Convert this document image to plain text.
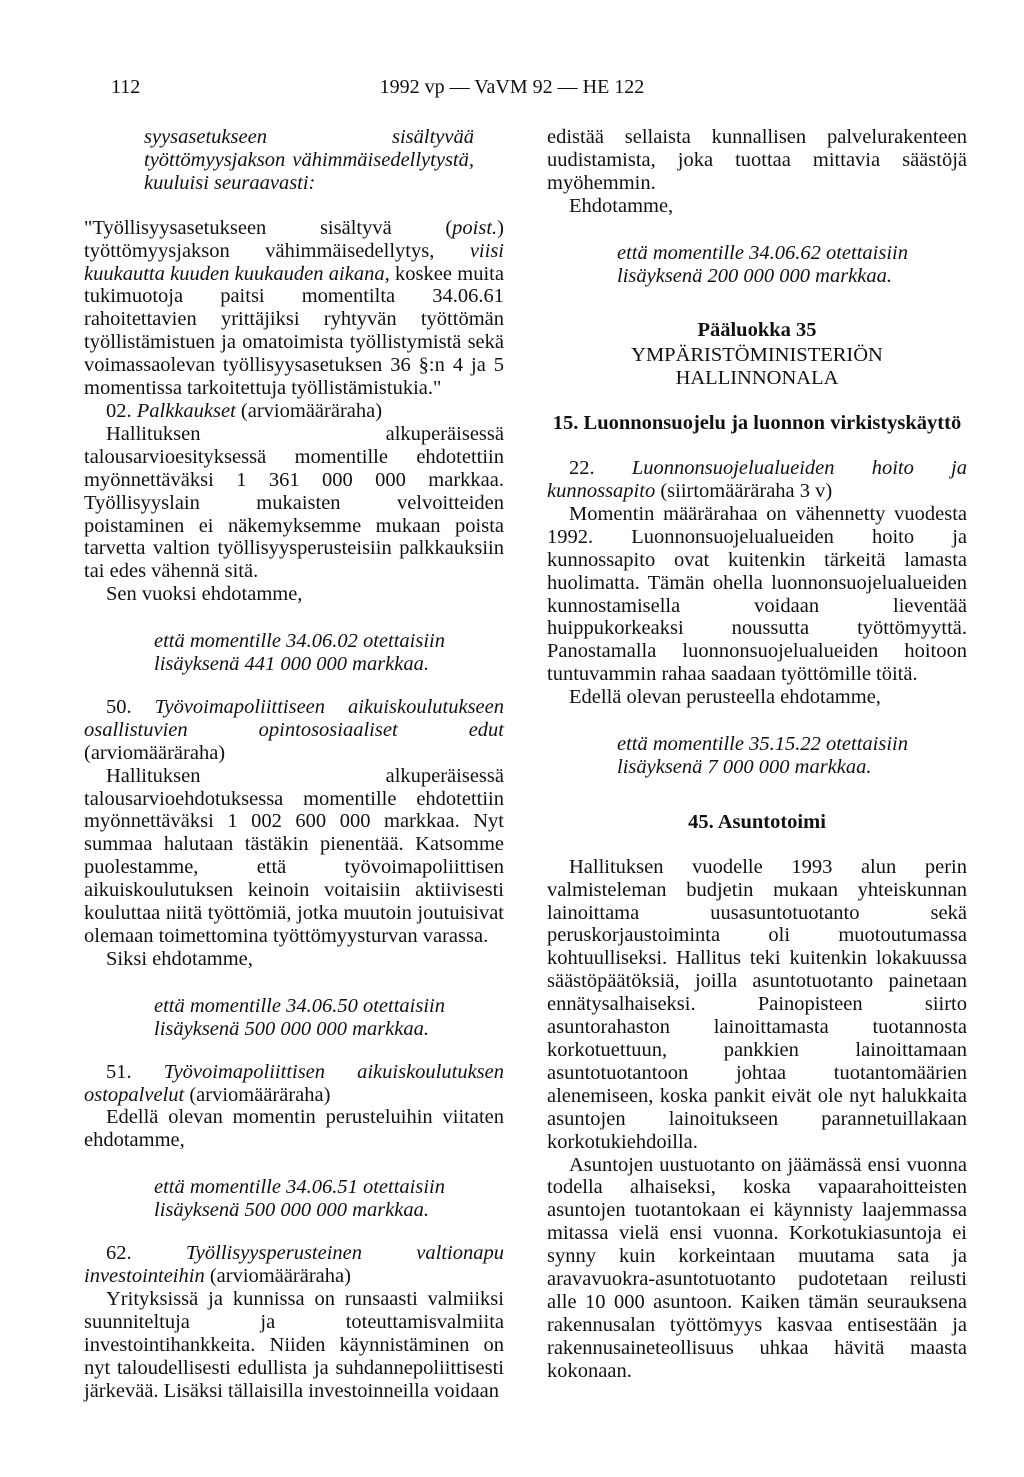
112	1992 vp — VaVM 92 — HE 122

syysasetukseen sisältyvää työttömyysjakson vähimmäisedellytystä, kuuluisi seuraavasti:

"Työllisyysasetukseen sisältyvä (poist.) työttömyysjakson vähimmäisedellytys, viisi kuukautta kuuden kuukauden aikana, koskee muita tukimuotoja paitsi momentilta 34.06.61 rahoitettavien yrittäjiksi ryhtyvän työttömän työllistämistuen ja omatoimista työllistymistä sekä voimassaolevan työllisyysasetuksen 36 §:n 4 ja 5 momentissa tarkoitettuja työllistämistukia."

02. Palkkaukset (arviomääräraha)

Hallituksen alkuperäisessä talousarvioesityksessä momentille ehdotettiin myönnettäväksi 1 361 000 000 markkaa. Työllisyyslain mukaisten velvoitteiden poistaminen ei näkemyksemme mukaan poista tarvetta valtion työllisyysperusteisiin palkkauksiin tai edes vähennä sitä.

Sen vuoksi ehdotamme,

että momentille 34.06.02 otettaisiin lisäyksenä 441 000 000 markkaa.

50. Työvoimapoliittiseen aikuiskoulutukseen osallistuvien opintososiaaliset edut (arviomääräraha)

Hallituksen alkuperäisessä talousarvioehdotuksessa momentille ehdotettiin myönnettäväksi 1 002 600 000 markkaa. Nyt summaa halutaan tästäkin pienentää. Katsomme puolestamme, että työvoimapoliittisen aikuiskoulutuksen keinoin voitaisiin aktiivisesti kouluttaa niitä työttömiä, jotka muutoin joutuisivat olemaan toimettomina työttömyysturvan varassa.

Siksi ehdotamme,

että momentille 34.06.50 otettaisiin lisäyksenä 500 000 000 markkaa.

51. Työvoimapoliittisen aikuiskoulutuksen ostopalvelut (arviomääräraha)

Edellä olevan momentin perusteluihin viitaten ehdotamme,

että momentille 34.06.51 otettaisiin lisäyksenä 500 000 000 markkaa.

62. Työllisyysperusteinen valtionapu investointeihin (arviomääräraha)

Yrityksissä ja kunnissa on runsaasti valmiiksi suunniteltuja ja toteuttamisvalmiita investointihankkeita. Niiden käynnistäminen on nyt taloudellisesti edullista ja suhdannepoliittisesti järkevää. Lisäksi tällaisilla investoinneilla voidaan

edistää sellaista kunnallisen palvelurakenteen uudistamista, joka tuottaa mittavia säästöjä myöhemmin.

Ehdotamme,

että momentille 34.06.62 otettaisiin lisäyksenä 200 000 000 markkaa.

Pääluokka 35

YMPÄRISTÖMINISTERIÖN HALLINNONALA

15. Luonnonsuojelu ja luonnon virkistyskäyttö

22. Luonnonsuojelualueiden hoito ja kunnossapito (siirtomääräraha 3 v)

Momentin määrärahaa on vähennetty vuodesta 1992. Luonnonsuojelualueiden hoito ja kunnossapito ovat kuitenkin tärkeitä lamasta huolimatta. Tämän ohella luonnonsuojelualueiden kunnostamisella voidaan lieventää huippukorkeaksi noussutta työttömyyttä. Panostamalla luonnonsuojelualueiden hoitoon tuntuvammin rahaa saadaan työttömille töitä.

Edellä olevan perusteella ehdotamme,

että momentille 35.15.22 otettaisiin lisäyksenä 7 000 000 markkaa.

45. Asuntotoimi

Hallituksen vuodelle 1993 alun perin valmisteleman budjetin mukaan yhteiskunnan lainoittama uusasuntotuotanto sekä peruskorjaustoiminta oli muotoutumassa kohtuulliseksi. Hallitus teki kuitenkin lokakuussa säästöpäätöksiä, joilla asuntotuotanto painetaan ennätysalhaiseksi. Painopisteen siirto asuntorahaston lainoittamasta tuotannosta korkotuettuun, pankkien lainoittamaan asuntotuotantoon johtaa tuotantomäärien alenemiseen, koska pankit eivät ole nyt halukkaita asuntojen lainoitukseen parannetuillakaan korkotukiehdoilla.

Asuntojen uustuotanto on jäämässä ensi vuonna todella alhaiseksi, koska vapaarahoitteisten asuntojen tuotantokaan ei käynnisty laajemmassa mitassa vielä ensi vuonna. Korkotukiasuntoja ei synny kuin korkeintaan muutama sata ja aravavuokra-asuntotuotanto pudotetaan reilusti alle 10 000 asuntoon. Kaiken tämän seurauksena rakennusalan työttömyys kasvaa entisestään ja rakennusaineteollisuus uhkaa hävitä maasta kokonaan.
